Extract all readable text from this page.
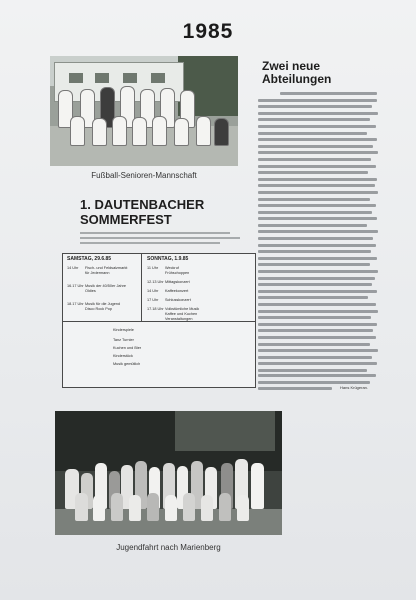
1985
Fußball-Senioren-Mannschaft
Zwei neue Abteilungen
Hans Krügeran.
1. DAUTENBACHER
SOMMERFEST
SAMSTAG, 29.6.85	SONNTAG, 1.9.85
14 Uhr Fisch- und Feldsalzmarkt
für Jedermann
16.17 UhrMusik der 40/50er Jahre
Oldies
18.17 UhrMusik für die Jugend
Disco Rock Pop
11 Uhr Weckruf
Frühschoppen
12.13 UhrMittagskonzert
14 Uhr Kaffeekonzert
17 Uhr Schlusskonzert
17.18 UhrVolkstümliche Musik
Kaffee und Kuchen
Veranstaltungen
Kinderspiele
Tanz Turnier
Kuchen und Bier
Kinderstück
Musik gemütlich
Jugendfahrt nach Marienberg
